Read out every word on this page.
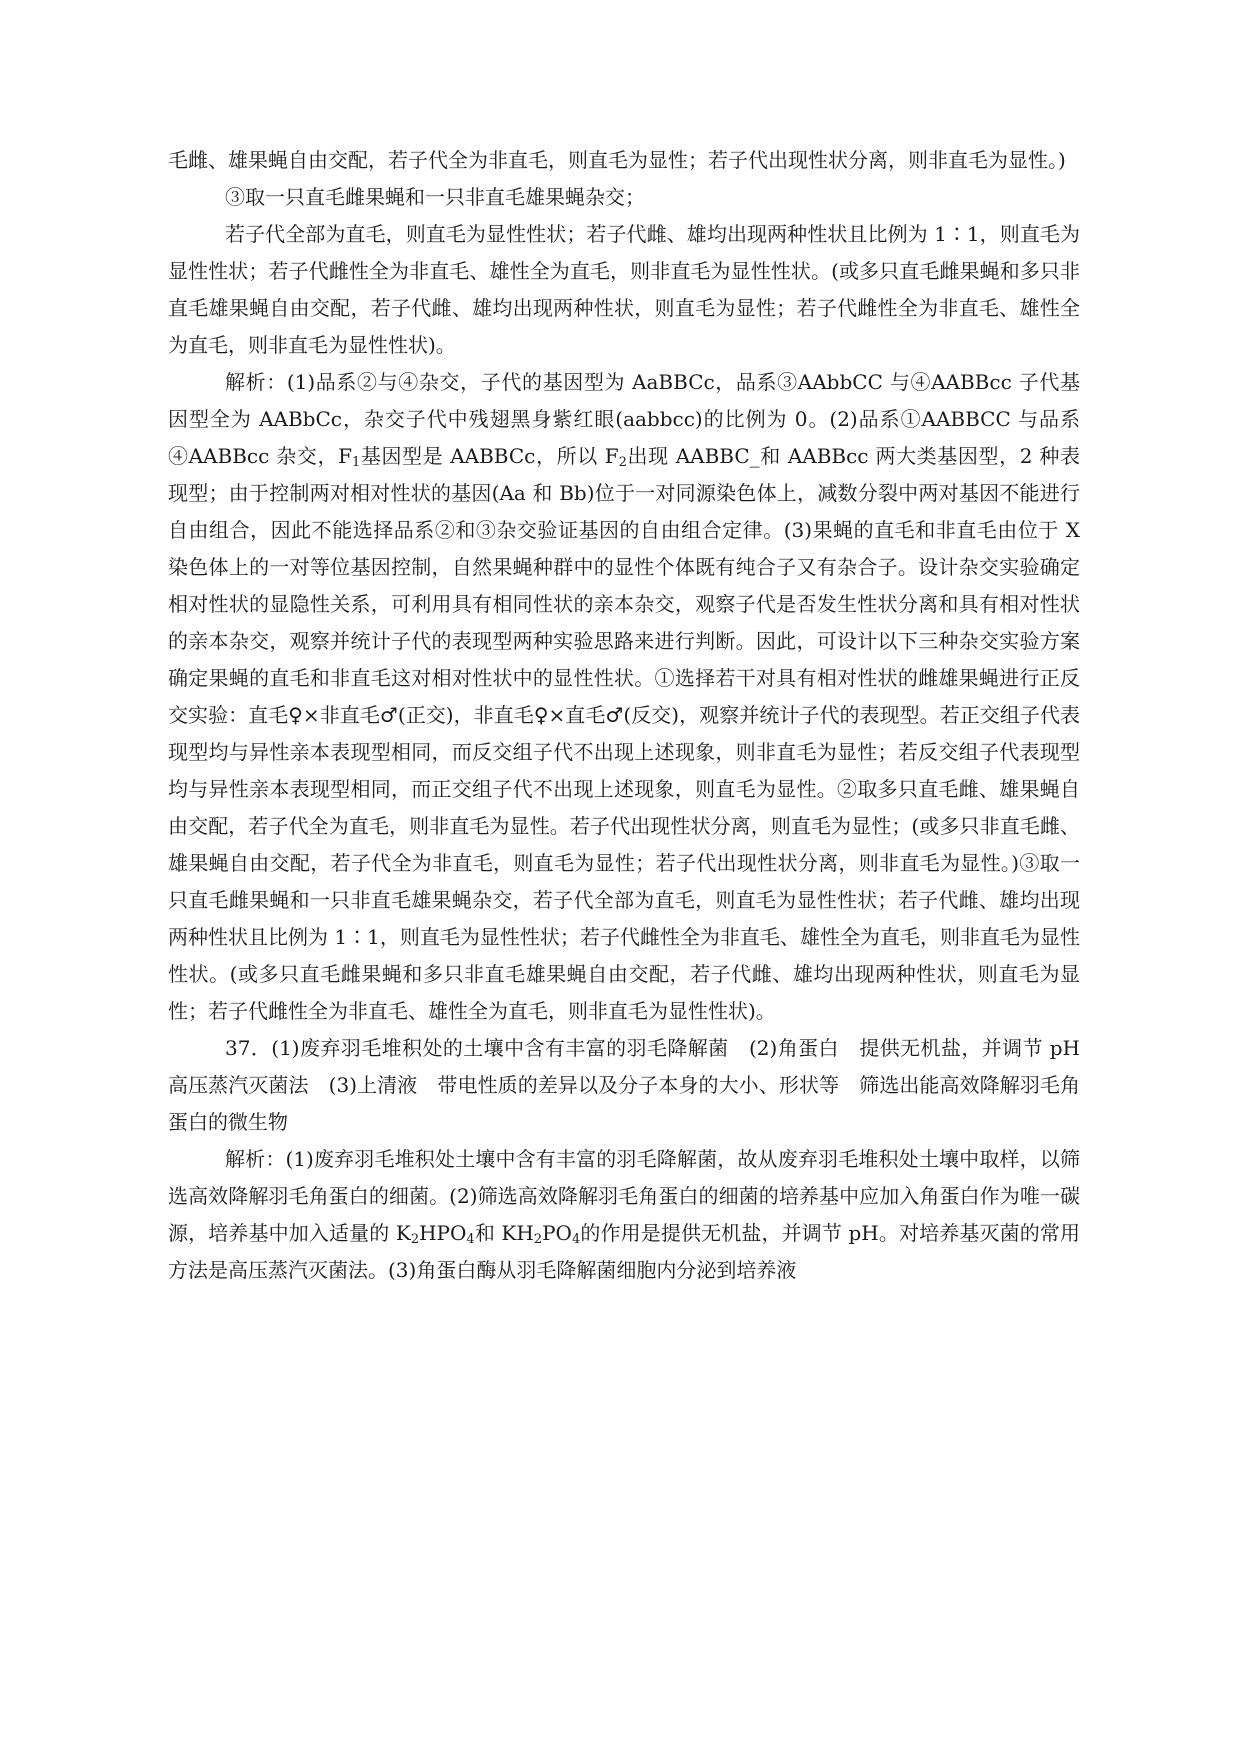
毛雌、雄果蝇自由交配，若子代全为非直毛，则直毛为显性；若子代出现性状分离，则非直毛为显性。)

③取一只直毛雌果蝇和一只非直毛雄果蝇杂交；

若子代全部为直毛，则直毛为显性性状；若子代雌、雄均出现两种性状且比例为 1∶1，则直毛为显性性状；若子代雌性全为非直毛、雄性全为直毛，则非直毛为显性性状。(或多只直毛雌果蝇和多只非直毛雄果蝇自由交配，若子代雌、雄均出现两种性状，则直毛为显性；若子代雌性全为非直毛、雄性全为直毛，则非直毛为显性性状)。

解析：(1)品系②与④杂交，子代的基因型为 AaBBCc，品系③AAbbCC 与④AABBcc 子代基因型全为 AABbCc，杂交子代中残翅黑身紫红眼(aabbcc)的比例为 0。(2)品系①AABBCC 与品系④AABBcc 杂交，$F_1$基因型是 AABBCc，所以 $F_2$出现 AABBC_和 AABBcc 两大类基因型，2 种表现型；由于控制两对相对性状的基因(Aa 和 Bb)位于一对同源染色体上，减数分裂中两对基因不能进行自由组合，因此不能选择品系②和③杂交验证基因的自由组合定律。(3)果蝇的直毛和非直毛由位于 X 染色体上的一对等位基因控制，自然果蝇种群中的显性个体既有纯合子又有杂合子。设计杂交实验确定相对性状的显隐性关系，可利用具有相同性状的亲本杂交，观察子代是否发生性状分离和具有相对性状的亲本杂交，观察并统计子代的表现型两种实验思路来进行判断。因此，可设计以下三种杂交实验方案确定果蝇的直毛和非直毛这对相对性状中的显性性状。①选择若干对具有相对性状的雌雄果蝇进行正反交实验：直毛♀×非直毛♂(正交)，非直毛♀×直毛♂(反交)，观察并统计子代的表现型。若正交组子代表现型均与异性亲本表现型相同，而反交组子代不出现上述现象，则非直毛为显性；若反交组子代表现型均与异性亲本表现型相同，而正交组子代不出现上述现象，则直毛为显性。②取多只直毛雌、雄果蝇自由交配，若子代全为直毛，则非直毛为显性。若子代出现性状分离，则直毛为显性；(或多只非直毛雌、雄果蝇自由交配，若子代全为非直毛，则直毛为显性；若子代出现性状分离，则非直毛为显性。)③取一只直毛雌果蝇和一只非直毛雄果蝇杂交，若子代全部为直毛，则直毛为显性性状；若子代雌、雄均出现两种性状且比例为 1∶1，则直毛为显性性状；若子代雌性全为非直毛、雄性全为直毛，则非直毛为显性性状。(或多只直毛雌果蝇和多只非直毛雄果蝇自由交配，若子代雌、雄均出现两种性状，则直毛为显性；若子代雌性全为非直毛、雄性全为直毛，则非直毛为显性性状)。

37．(1)废弃羽毛堆积处的土壤中含有丰富的羽毛降解菌　(2)角蛋白　提供无机盐，并调节 pH　高压蒸汽灭菌法　(3)上清液　带电性质的差异以及分子本身的大小、形状等　筛选出能高效降解羽毛角蛋白的微生物

解析：(1)废弃羽毛堆积处土壤中含有丰富的羽毛降解菌，故从废弃羽毛堆积处土壤中取样，以筛选高效降解羽毛角蛋白的细菌。(2)筛选高效降解羽毛角蛋白的细菌的培养基中应加入角蛋白作为唯一碳源，培养基中加入适量的 $K_2HPO_4$和 $KH_2PO_4$的作用是提供无机盐，并调节 pH。对培养基灭菌的常用方法是高压蒸汽灭菌法。(3)角蛋白酶从羽毛降解菌细胞内分泌到培养液
